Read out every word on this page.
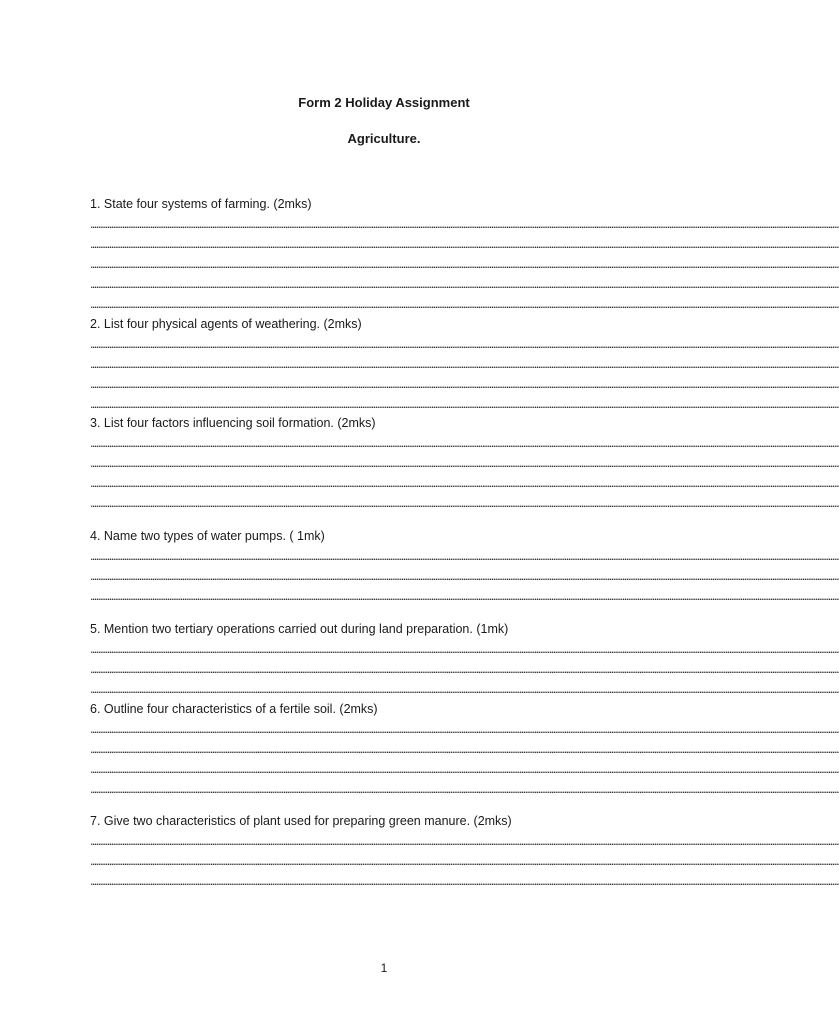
Form 2 Holiday Assignment
Agriculture.
1. State four systems of farming. (2mks)
................................................................................................................................................................................................................................................................................................................................................................................................................
................................................................................................................................................................................................................................................................................................................................................................................................................
................................................................................................................................................................................................................................................................................................................................................................................................................
................................................................................................................................................................................................................................................................................................................................................................................................................
................................................................................................................................................................................................................................................................................................................................................................................................................
2. List four physical agents of weathering. (2mks)
................................................................................................................................................................................................................................................................................................................................................................................................................
................................................................................................................................................................................................................................................................................................................................................................................................................
................................................................................................................................................................................................................................................................................................................................................................................................................
................................................................................................................................................................................................................................................................................................................................................................................................................
3. List four factors influencing soil formation. (2mks)
................................................................................................................................................................................................................................................................................................................................................................................................................
................................................................................................................................................................................................................................................................................................................................................................................................................
................................................................................................................................................................................................................................................................................................................................................................................................................
................................................................................................................................................................................................................................................................................................................................................................................................................
4. Name two types of water pumps. ( 1mk)
................................................................................................................................................................................................................................................................................................................................................................................................................
................................................................................................................................................................................................................................................................................................................................................................................................................
................................................................................................................................................................................................................................................................................................................................................................................................................
5. Mention two tertiary operations carried out during land preparation. (1mk)
................................................................................................................................................................................................................................................................................................................................................................................................................
................................................................................................................................................................................................................................................................................................................................................................................................................
................................................................................................................................................................................................................................................................................................................................................................................................................
6. Outline four characteristics of a fertile soil. (2mks)
................................................................................................................................................................................................................................................................................................................................................................................................................
................................................................................................................................................................................................................................................................................................................................................................................................................
................................................................................................................................................................................................................................................................................................................................................................................................................
................................................................................................................................................................................................................................................................................................................................................................................................................
7. Give two characteristics of plant used for preparing green manure. (2mks)
................................................................................................................................................................................................................................................................................................................................................................................................................
................................................................................................................................................................................................................................................................................................................................................................................................................
................................................................................................................................................................................................................................................................................................................................................................................................................
1
